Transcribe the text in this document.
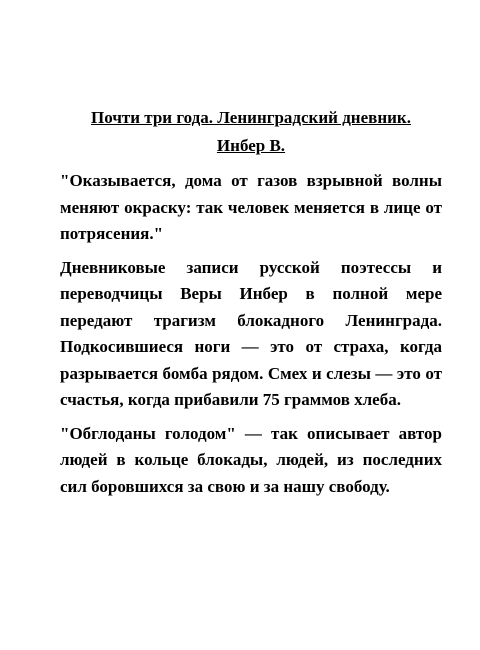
Почти три года. Ленинградский дневник.
Инбер В.

"Оказывается, дома от газов взрывной волны меняют окраску: так человек меняется в лице от потрясения."

Дневниковые записи русской поэтессы и переводчицы Веры Инбер в полной мере передают трагизм блокадного Ленинграда. Подкосившиеся ноги — это от страха, когда разрывается бомба рядом. Смех и слезы — это от счастья, когда прибавили 75 граммов хлеба.

"Обглоданы голодом" — так описывает автор людей в кольце блокады, людей, из последних сил боровшихся за свою и за нашу свободу.
